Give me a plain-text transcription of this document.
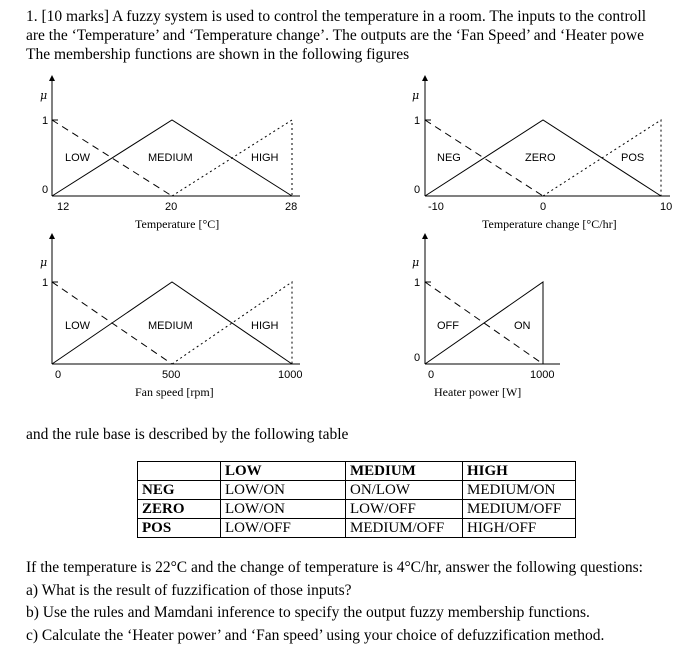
1. [10 marks] A fuzzy system is used to control the temperature in a room. The inputs to the controll
are the ‘Temperature’ and ‘Temperature change’. The outputs are the ‘Fan Speed’ and ‘Heater powe
The membership functions are shown in the following figures
μ
1
0
LOW	MEDIUM	HIGH
12	20	28
Temperature [°C]
μ
1
0
NEG	ZERO	POS
-10	0	10
Temperature change [°C/hr]
μ
1
LOW	MEDIUM	HIGH
0	500	1000
Fan speed [rpm]
μ
1
0
OFF	ON
0	1000
Heater power [W]
and the rule base is described by the following table
	LOW	MEDIUM	HIGH
NEG	LOW/ON	ON/LOW	MEDIUM/ON
ZERO	LOW/ON	LOW/OFF	MEDIUM/OFF
POS	LOW/OFF	MEDIUM/OFF	HIGH/OFF
If the temperature is 22°C and the change of temperature is 4°C/hr, answer the following questions:
a) What is the result of fuzzification of those inputs?
b) Use the rules and Mamdani inference to specify the output fuzzy membership functions.
c) Calculate the ‘Heater power’ and ‘Fan speed’ using your choice of defuzzification method.
